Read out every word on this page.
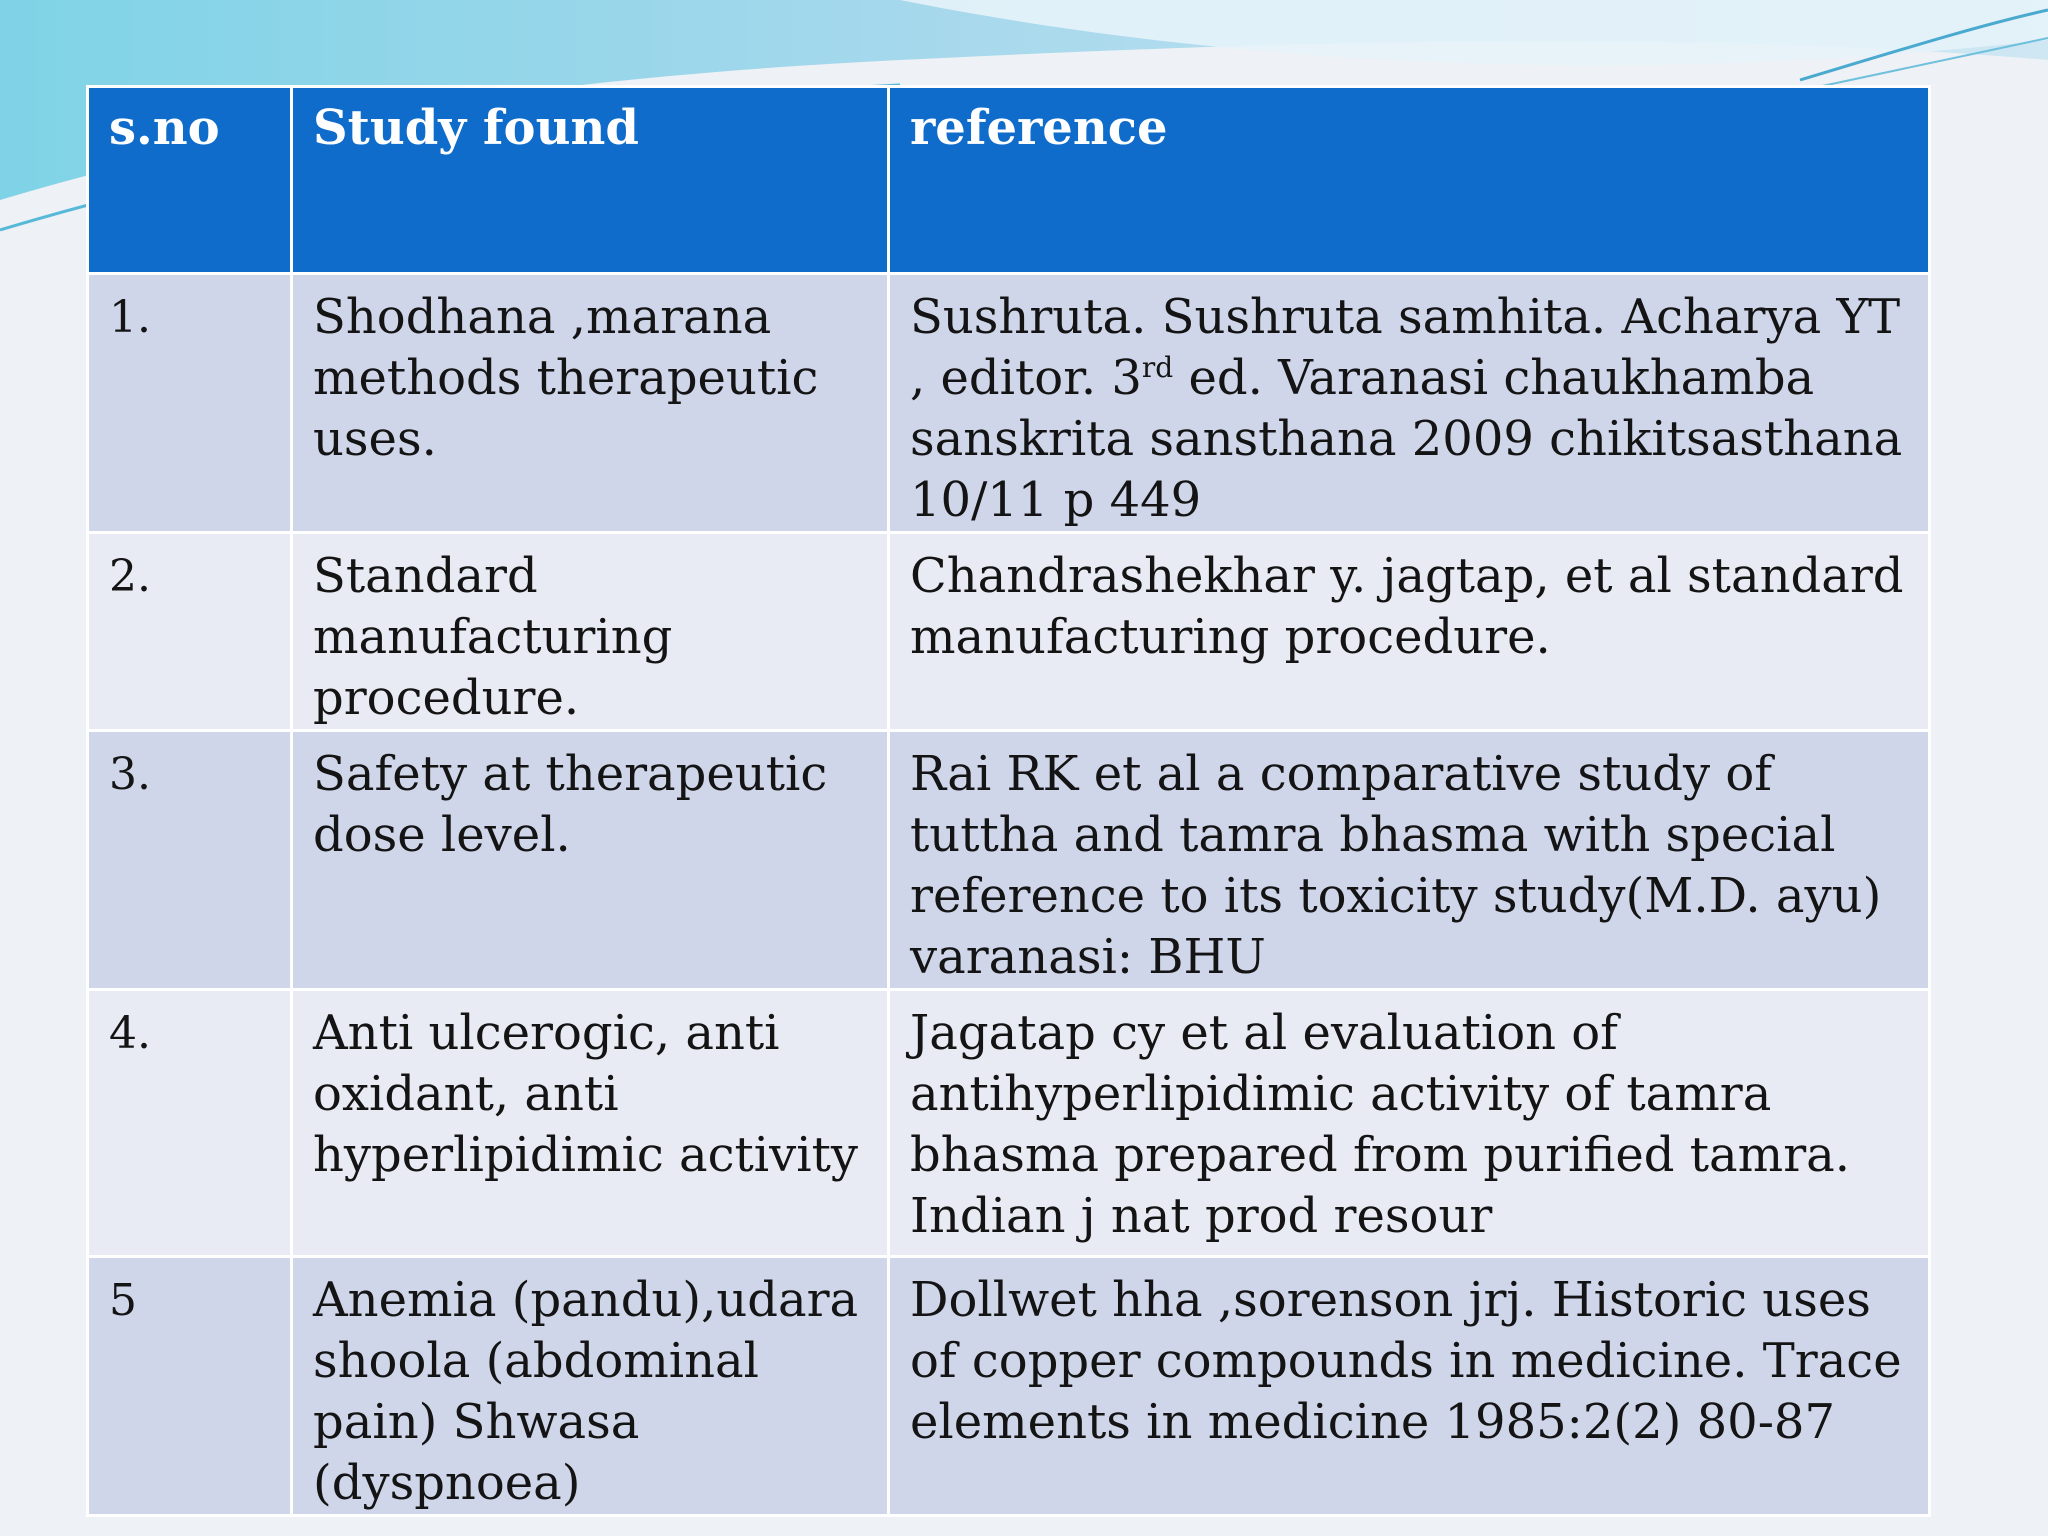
s.no	Study found	reference
1.	Shodhana ,marana methods therapeutic uses.	Sushruta. Sushruta samhita. Acharya YT , editor. 3rd ed. Varanasi chaukhamba sanskrita sansthana 2009 chikitsasthana 10/11 p 449
2.	Standard manufacturing procedure.	Chandrashekhar y. jagtap, et al standard manufacturing procedure.
3.	Safety at therapeutic dose level.	Rai RK et al a comparative study of tuttha and tamra bhasma with special reference to its toxicity study(M.D. ayu) varanasi: BHU
4.	Anti ulcerogic, anti oxidant, anti hyperlipidimic activity	Jagatap cy et al evaluation of antihyperlipidimic activity of tamra bhasma prepared from purified tamra. Indian j nat prod resour
5	Anemia (pandu),udara shoola (abdominal pain) Shwasa (dyspnoea)	Dollwet hha ,sorenson jrj. Historic uses of copper compounds in medicine. Trace elements in medicine 1985:2(2) 80-87
